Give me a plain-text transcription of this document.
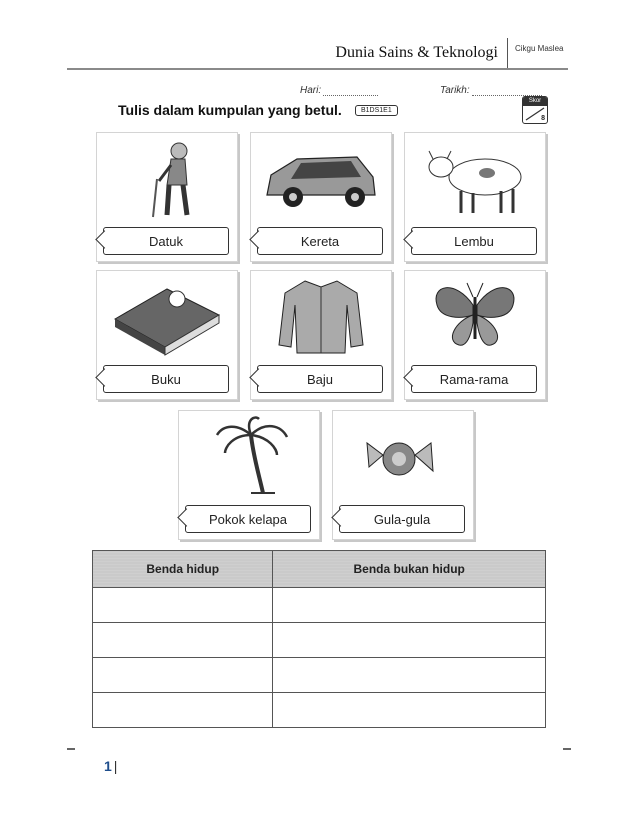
Dunia Sains & Teknologi Cikgu Maslea
Hari:	Tarikh:
Tulis dalam kumpulan yang betul.	B1DS1E1
Skor
8
Datuk	Kereta	Lembu
Buku	Baju	Rama-rama
Pokok kelapa	Gula-gula
Benda hidup	Benda bukan hidup

1 |
